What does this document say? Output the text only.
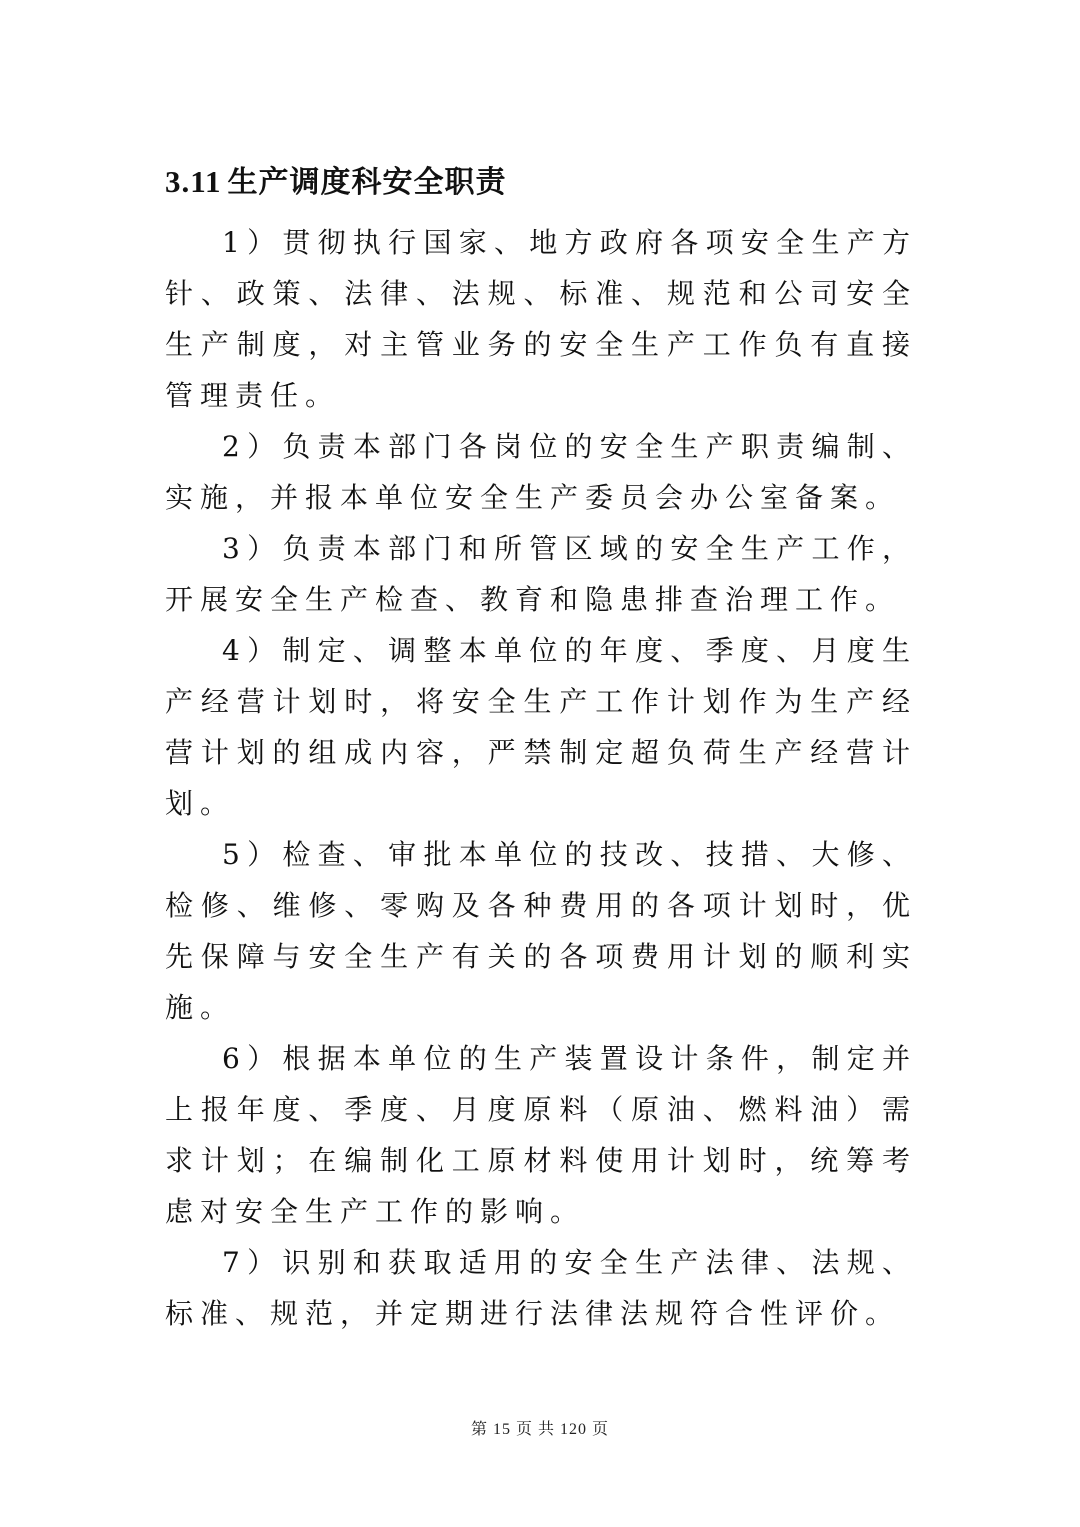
3.11 生产调度科安全职责

1）贯彻执行国家、地方政府各项安全生产方针、政策、法律、法规、标准、规范和公司安全生产制度，对主管业务的安全生产工作负有直接管理责任。

2）负责本部门各岗位的安全生产职责编制、实施，并报本单位安全生产委员会办公室备案。

3）负责本部门和所管区域的安全生产工作，开展安全生产检查、教育和隐患排查治理工作。

4）制定、调整本单位的年度、季度、月度生产经营计划时，将安全生产工作计划作为生产经营计划的组成内容，严禁制定超负荷生产经营计划。

5）检查、审批本单位的技改、技措、大修、检修、维修、零购及各种费用的各项计划时，优先保障与安全生产有关的各项费用计划的顺利实施。

6）根据本单位的生产装置设计条件，制定并上报年度、季度、月度原料（原油、燃料油）需求计划；在编制化工原材料使用计划时，统筹考虑对安全生产工作的影响。

7）识别和获取适用的安全生产法律、法规、标准、规范，并定期进行法律法规符合性评价。

第 15 页 共 120 页
